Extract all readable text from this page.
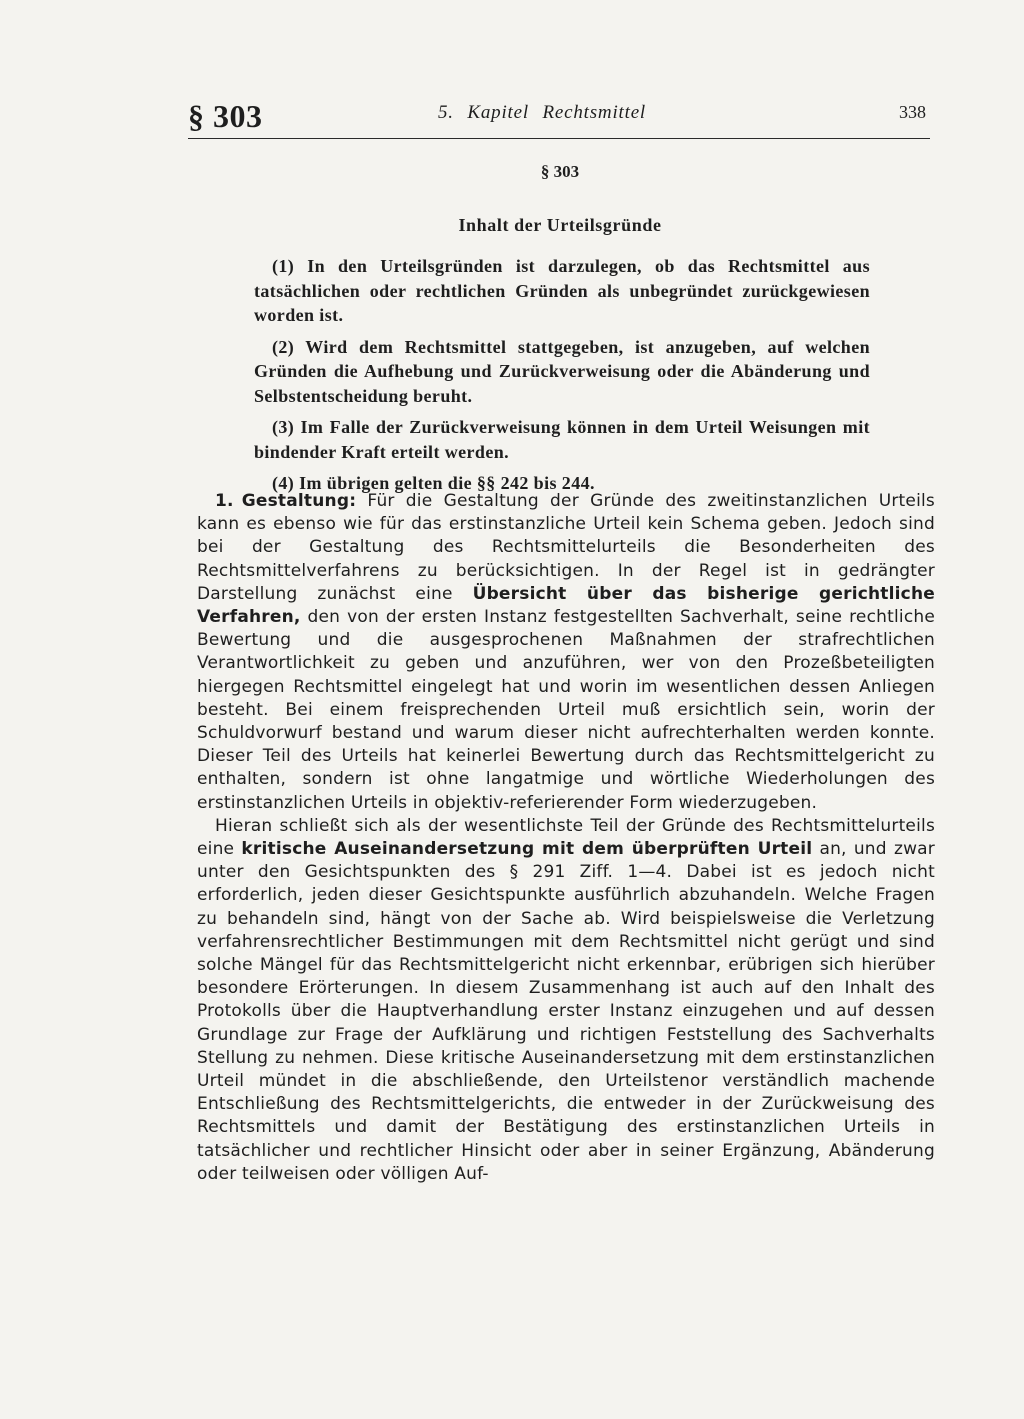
§ 303	5. Kapitel Rechtsmittel	338
§ 303
Inhalt der Urteilsgründe

(1) In den Urteilsgründen ist darzulegen, ob das Rechtsmittel aus tatsächlichen oder rechtlichen Gründen als unbegründet zurückgewiesen worden ist.

(2) Wird dem Rechtsmittel stattgegeben, ist anzugeben, auf welchen Gründen die Aufhebung und Zurückverweisung oder die Abänderung und Selbstentscheidung beruht.

(3) Im Falle der Zurückverweisung können in dem Urteil Weisungen mit bindender Kraft erteilt werden.

(4) Im übrigen gelten die §§ 242 bis 244.

1. Gestaltung: Für die Gestaltung der Gründe des zweitinstanzlichen Urteils kann es ebenso wie für das erstinstanzliche Urteil kein Schema geben. Jedoch sind bei der Gestaltung des Rechtsmittelurteils die Besonderheiten des Rechtsmittelverfahrens zu berücksichtigen. In der Regel ist in gedrängter Darstellung zunächst eine Übersicht über das bisherige gerichtliche Verfahren, den von der ersten Instanz festgestellten Sachverhalt, seine rechtliche Bewertung und die ausgesprochenen Maßnahmen der strafrechtlichen Verantwortlichkeit zu geben und anzuführen, wer von den Prozeßbeteiligten hiergegen Rechtsmittel eingelegt hat und worin im wesentlichen dessen Anliegen besteht. Bei einem freisprechenden Urteil muß ersichtlich sein, worin der Schuldvorwurf bestand und warum dieser nicht aufrechterhalten werden konnte. Dieser Teil des Urteils hat keinerlei Bewertung durch das Rechtsmittelgericht zu enthalten, sondern ist ohne langatmige und wörtliche Wiederholungen des erstinstanzlichen Urteils in objektiv-referierender Form wiederzugeben.

Hieran schließt sich als der wesentlichste Teil der Gründe des Rechtsmittelurteils eine kritische Auseinandersetzung mit dem überprüften Urteil an, und zwar unter den Gesichtspunkten des § 291 Ziff. 1—4. Dabei ist es jedoch nicht erforderlich, jeden dieser Gesichtspunkte ausführlich abzuhandeln. Welche Fragen zu behandeln sind, hängt von der Sache ab. Wird beispielsweise die Verletzung verfahrensrechtlicher Bestimmungen mit dem Rechtsmittel nicht gerügt und sind solche Mängel für das Rechtsmittelgericht nicht erkennbar, erübrigen sich hierüber besondere Erörterungen. In diesem Zusammenhang ist auch auf den Inhalt des Protokolls über die Hauptverhandlung erster Instanz einzugehen und auf dessen Grundlage zur Frage der Aufklärung und richtigen Feststellung des Sachverhalts Stellung zu nehmen. Diese kritische Auseinandersetzung mit dem erstinstanzlichen Urteil mündet in die abschließende, den Urteilstenor verständlich machende Entschließung des Rechtsmittelgerichts, die entweder in der Zurückweisung des Rechtsmittels und damit der Bestätigung des erstinstanzlichen Urteils in tatsächlicher und rechtlicher Hinsicht oder aber in seiner Ergänzung, Abänderung oder teilweisen oder völligen Auf-
